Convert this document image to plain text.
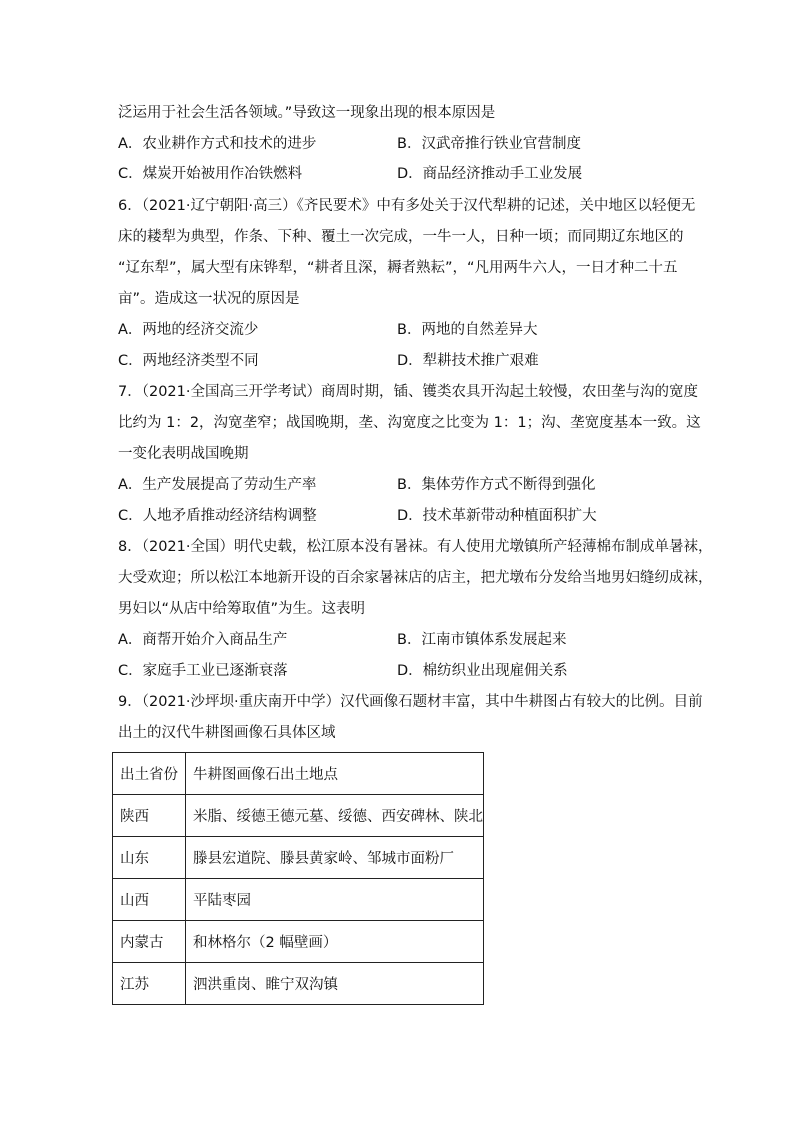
泛运用于社会生活各领域。”导致这一现象出现的根本原因是
A．农业耕作方式和技术的进步	B．汉武帝推行铁业官营制度
C．煤炭开始被用作冶铁燃料	D．商品经济推动手工业发展
6．（2021·辽宁朝阳·高三）《齐民要术》中有多处关于汉代犁耕的记述，关中地区以轻便无
床的耧犁为典型，作条、下种、覆土一次完成，一牛一人，日种一顷；而同期辽东地区的
“辽东犁”，属大型有床铧犁，“耕者且深，耨者熟耘”，“凡用两牛六人，一日才种二十五
亩”。造成这一状况的原因是
A．两地的经济交流少	B．两地的自然差异大
C．两地经济类型不同	D．犁耕技术推广艰难
7．（2021·全国高三开学考试）商周时期，锸、镬类农具开沟起土较慢，农田垄与沟的宽度
比约为 1：2，沟宽垄窄；战国晚期，垄、沟宽度之比变为 1：1；沟、垄宽度基本一致。这
一变化表明战国晚期
A．生产发展提高了劳动生产率	B．集体劳作方式不断得到强化
C．人地矛盾推动经济结构调整	D．技术革新带动种植面积扩大
8．（2021·全国）明代史载，松江原本没有暑袜。有人使用尤墩镇所产轻薄棉布制成单暑袜，
大受欢迎；所以松江本地新开设的百余家暑袜店的店主，把尤墩布分发给当地男妇缝纫成袜，
男妇以“从店中给筹取值”为生。这表明
A．商帮开始介入商品生产	B．江南市镇体系发展起来
C．家庭手工业已逐渐衰落	D．棉纺织业出现雇佣关系
9．（2021·沙坪坝·重庆南开中学）汉代画像石题材丰富，其中牛耕图占有较大的比例。目前
出土的汉代牛耕图画像石具体区域
出土省份	牛耕图画像石出土地点
陕西	米脂、绥德王德元墓、绥德、西安碑林、陕北
山东	滕县宏道院、滕县黄家岭、邹城市面粉厂
山西	平陆枣园
内蒙古	和林格尔（2 幅壁画）
江苏	泗洪重岗、睢宁双沟镇
